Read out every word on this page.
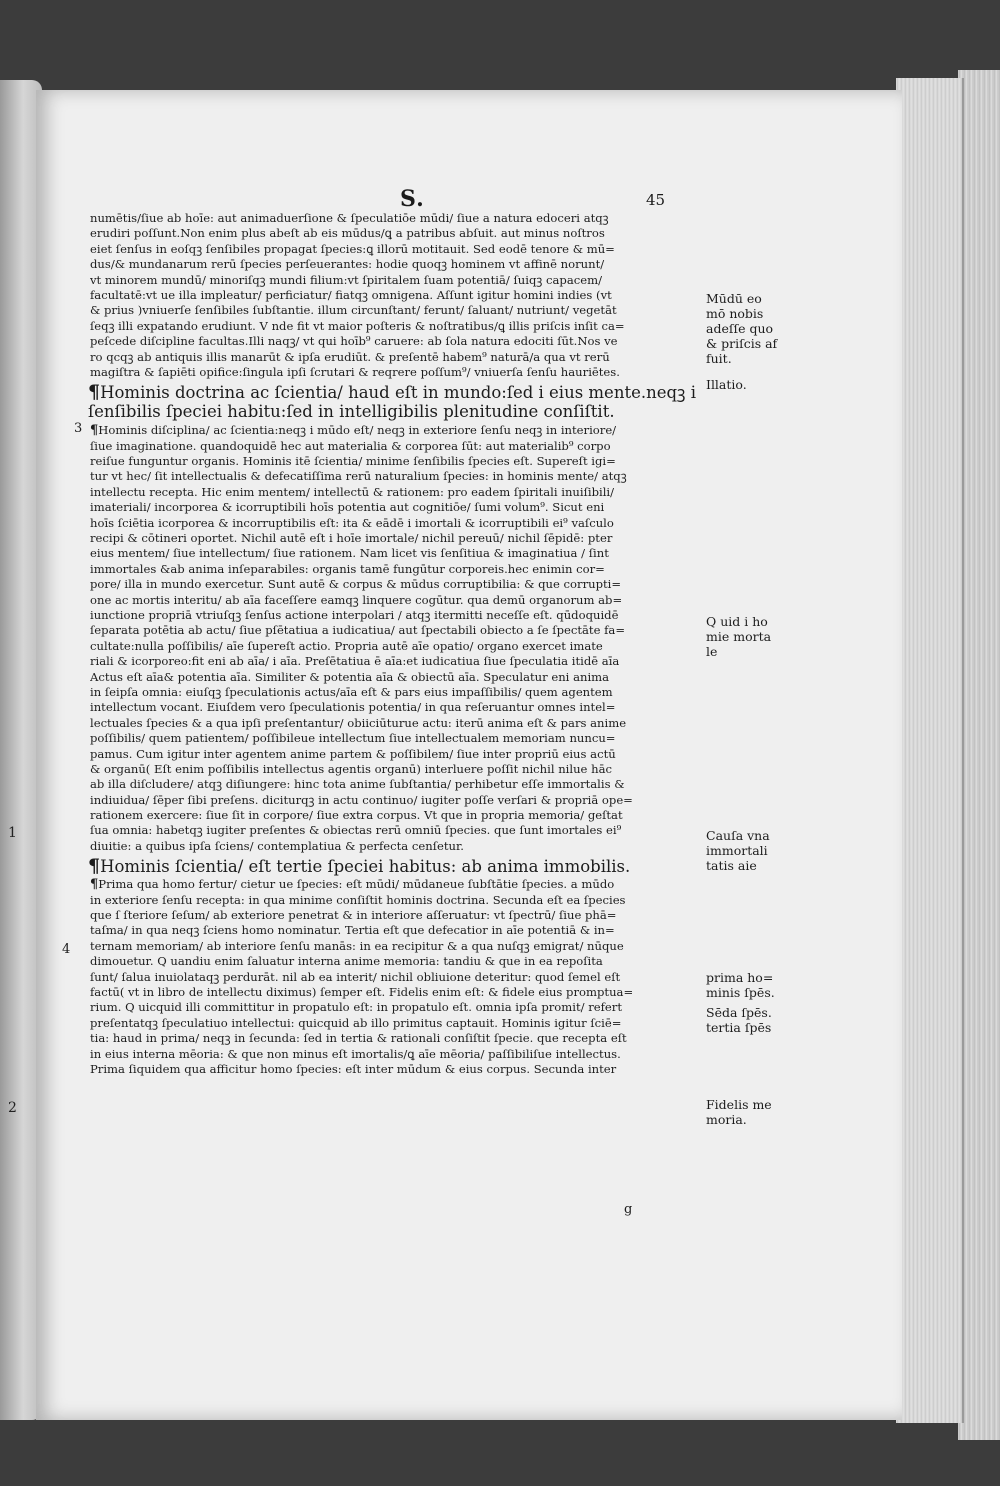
1
2
S.	45
3
4
numētis/ſiue ab hoīe: aut animaduerſione & ſpeculatiōe mūdi/ ſiue a natura edoceri atqꝫ
erudiri poſſunt.Non enim plus abeſt ab eis mūdus/ꝗ a patribus abſuit. aut minus noſtros
eiet ſenſus in eoſqꝫ ſenſibiles propagat ſpecies:ꝗ illorū motitauit. Sed eodē tenore & mū=
dus/& mundanarum rerū ſpecies perſeuerantes: hodie quoqꝫ hominem vt affinē norunt/
vt minorem mundū/ minoriſqꝫ mundi filium:vt ſpiritalem ſuam potentiā/ ſuiqꝫ capacem/
facultatē:vt ue illa impleatur/ perficiatur/ fiatqꝫ omnigena. Aſſunt igitur homini indies (vt
& prius )vniuerſe ſenſibiles ſubſtantie. illum circunſtant/ ferunt/ ſaluant/ nutriunt/ vegetāt
ſeqꝫ illi expatando erudiunt. V nde fit vt maior poſteris & noſtratibus/ꝗ illis priſcis inſit ca=
peſcede diſcipline facultas.Illi naqꝫ/ vt qui hoīb⁹ caruere: ab ſola natura edociti ſūt.Nos ve
ro qcqꝫ ab antiquis illis manarūt & ipſa erudiūt. & preſentē habem⁹ naturā/a qua vt rerū
magiſtra & ſapiēti opifice:ſingula ipſi ſcrutari & reqrere poſſum⁹/ vniuerſa ſenſu hauriētes.
¶Hominis doctrina ac ſcientia/ haud eſt in mundo:ſed i eius mente.neqꝫ i
ſenſibilis ſpeciei habitu:ſed in intelligibilis plenitudine conſiſtit.
¶Hominis diſciplina/ ac ſcientia:neqꝫ i mūdo eſt/ neqꝫ in exteriore ſenſu neqꝫ in interiore/
ſiue imaginatione. quandoquidē hec aut materialia & corporea ſūt: aut materialib⁹ corpo
reiſue funguntur organis. Hominis itē ſcientia/ minime ſenſibilis ſpecies eſt. Supereſt igi=
tur vt hec/ ſit intellectualis & defecatiſſima rerū naturalium ſpecies: in hominis mente/ atqꝫ
intellectu recepta. Hic enim mentem/ intellectū & rationem: pro eadem ſpiritali inuiſibili/
imateriali/ incorporea & icorruptibili hoīs potentia aut cognitiōe/ ſumi volum⁹. Sicut eni
hoīs ſciētia icorporea & incorruptibilis eſt: ita & eādē i imortali & icorruptibili ei⁹ vaſculo
recipi & cōtineri oportet. Nichil autē eſt i hoīe imortale/ nichil pereuū/ nichil ſēpidē: pter
eius mentem/ ſiue intellectum/ ſiue rationem. Nam licet vis ſenſitiua & imaginatiua / ſint
immortales &ab anima inſeparabiles: organis tamē fungūtur corporeis.hec enimin cor=
pore/ illa in mundo exercetur. Sunt autē & corpus & mūdus corruptibilia: & que corrupti=
one ac mortis interitu/ ab aīa faceſſere eamqꝫ linquere cogūtur. qua demū organorum ab=
iunctione propriā vtriuſqꝫ ſenſus actione interpolari / atqꝫ itermitti neceſſe eſt. qūdoquidē
ſeparata potētia ab actu/ ſiue pſētatiua a iudicatiua/ aut ſpectabili obiecto a ſe ſpectāte fa=
cultate:nulla poſſibilis/ aīe ſupereſt actio. Propria autē aīe opatio/ organo exercet imate
riali & icorporeo:fit eni ab aīa/ i aīa. Preſētatiua ē aīa:et iudicatiua ſiue ſpeculatia itidē aīa
Actus eſt aīa& potentia aīa. Similiter & potentia aīa & obiectū aīa. Speculatur eni anima
in ſeipſa omnia: eiuſqꝫ ſpeculationis actus/aīa eſt & pars eius impaſſibilis/ quem agentem
intellectum vocant. Eiuſdem vero ſpeculationis potentia/ in qua reſeruantur omnes intel=
lectuales ſpecies & a qua ipſi preſentantur/ obiiciūturue actu: iterū anima eſt & pars anime
poſſibilis/ quem patientem/ poſſibileue intellectum ſiue intellectualem memoriam nuncu=
pamus. Cum igitur inter agentem anime partem & poſſibilem/ ſiue inter propriū eius actū
& organū( Eſt enim poſſibilis intellectus agentis organū) interluere poſſit nichil nilue hāc
ab illa diſcludere/ atqꝫ diſiungere: hinc tota anime ſubſtantia/ perhibetur eſſe immortalis &
indiuidua/ ſēper ſibi preſens. diciturqꝫ in actu continuo/ iugiter poſſe verſari & propriā ope=
rationem exercere: ſiue ſit in corpore/ ſiue extra corpus. Vt que in propria memoria/ geſtat
ſua omnia: habetqꝫ iugiter preſentes & obiectas rerū omniū ſpecies. que ſunt imortales ei⁹
diuitie: a quibus ipſa ſciens/ contemplatiua & perfecta cenſetur.
¶Hominis ſcientia/ eſt tertie ſpeciei habitus: ab anima immobilis.
¶Prima qua homo fertur/ cietur ue ſpecies: eſt mūdi/ mūdaneue ſubſtātie ſpecies. a mūdo
in exteriore ſenſu recepta: in qua minime conſiſtit hominis doctrina. Secunda eſt ea ſpecies
que ſ ſteriore ſeſum/ ab exteriore penetrat & in interiore aſſeruatur: vt ſpectrū/ ſiue phā=
taſma/ in qua neqꝫ ſciens homo nominatur. Tertia eſt que defecatior in aīe potentiā & in=
ternam memoriam/ ab interiore ſenſu manās: in ea recipitur & a qua nuſqꝫ emigrat/ nūque
dimouetur. Q uandiu enim ſaluatur interna anime memoria: tandiu & que in ea repoſita
ſunt/ ſalua inuiolataqꝫ perdurāt. nil ab ea interit/ nichil obliuione deteritur: quod ſemel eſt
factū( vt in libro de intellectu diximus) ſemper eſt. Fidelis enim eſt: & fidele eius promptua=
rium. Q uicquid illi committitur in propatulo eſt: in propatulo eſt. omnia ipſa promit/ refert
preſentatqꝫ ſpeculatiuo intellectui: quicquid ab illo primitus captauit. Hominis igitur ſciē=
tia: haud in prima/ neqꝫ in ſecunda: ſed in tertia & rationali conſiſtit ſpecie. que recepta eſt
in eius interna mēoria: & que non minus eſt imortalis/ꝗ aīe mēoria/ paſſibiliſue intellectus.
Prima ſiquidem qua afficitur homo ſpecies: eſt inter mūdum & eius corpus. Secunda inter
Mūdū eo
mō nobis
adeſſe quo
& priſcis af
fuit.
Illatio.
Q uid i ho
mie morta
le
Cauſa vna
immortali
tatis aie
prima ho=
minis ſpēs.
Sēda ſpēs.
tertia ſpēs
Fidelis me
moria.
g
